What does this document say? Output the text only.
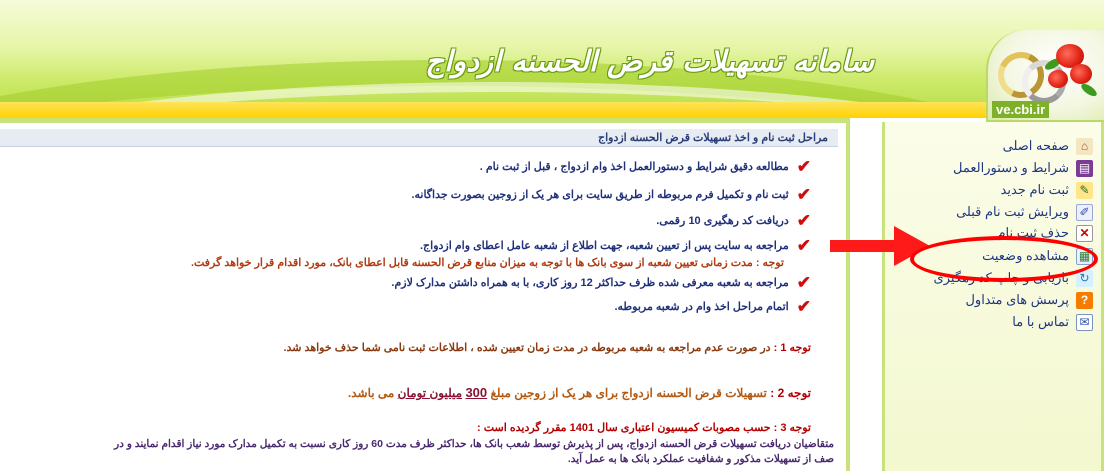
سامانه تسهیلات قرض الحسنه ازدواج
ve.cbi.ir
⌂
صفحه اصلی
▤
شرایط و دستورالعمل
✎
ثبت نام جدید
✐
ویرایش ثبت نام قبلی
✕
حذف ثبت نام
▦
مشاهده وضعیت
↻
بازیابی و چاپ کد رهگیری
?
پرسش های متداول
✉
تماس با ما
مراحل ثبت نام و اخذ تسهیلات قرض الحسنه ازدواج
✔
مطالعه دقیق شرایط و دستورالعمل اخذ وام ازدواج ، قبل از ثبت نام .
✔
ثبت نام و تکمیل فرم مربوطه از طریق سایت برای هر یک از زوجین بصورت جداگانه.
✔
دریافت کد رهگیری 10 رقمی.
✔
مراجعه به سایت پس از تعیین شعبه، جهت اطلاع از شعبه عامل اعطای وام ازدواج.
توجه : مدت زمانی تعیین شعبه از سوی بانک ها با توجه به میزان منابع قرض الحسنه قابل اعطای بانک، مورد اقدام قرار خواهد گرفت.
✔
مراجعه به شعبه معرفی شده ظرف حداکثر 12 روز کاری، با به همراه داشتن مدارک لازم.
✔
اتمام مراحل اخذ وام در شعبه مربوطه.
توجه 1 : در صورت عدم مراجعه به شعبه مربوطه در مدت زمان تعیین شده ، اطلاعات ثبت نامی شما حذف خواهد شد.
توجه 2 : تسهیلات قرض الحسنه ازدواج برای هر یک از زوجین مبلغ 300 میلیون تومان می باشد.
توجه 3 : حسب مصوبات کمیسیون اعتباری سال 1401 مقرر گردیده است :
متقاضیان دریافت تسهیلات قرض الحسنه ازدواج، پس از پذیرش توسط شعب بانک ها، حداکثر ظرف مدت 60 روز کاری نسبت به تکمیل مدارک مورد نیاز اقدام نمایند و در
صف از تسهیلات مذکور و شفافیت عملکرد بانک ها به عمل آید.
